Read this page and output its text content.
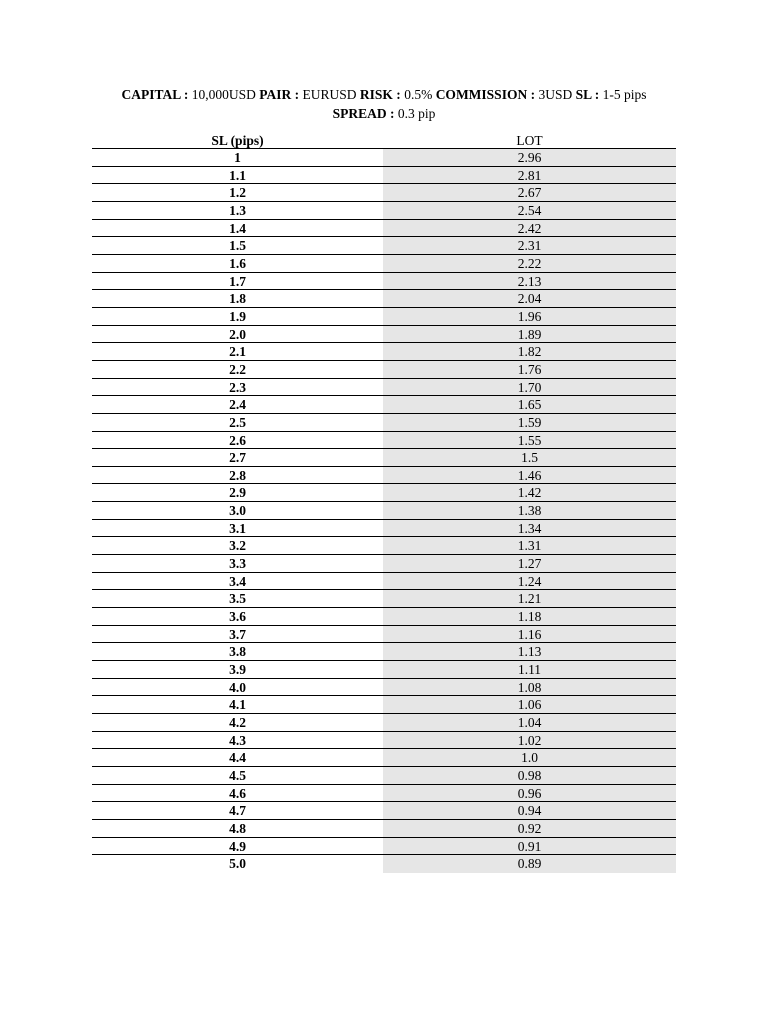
CAPITAL : 10,000USD PAIR : EURUSD RISK : 0.5% COMMISSION : 3USD SL : 1-5 pips
SPREAD : 0.3 pip
SL (pips)	LOT
1	2.96
1.1	2.81
1.2	2.67
1.3	2.54
1.4	2.42
1.5	2.31
1.6	2.22
1.7	2.13
1.8	2.04
1.9	1.96
2.0	1.89
2.1	1.82
2.2	1.76
2.3	1.70
2.4	1.65
2.5	1.59
2.6	1.55
2.7	1.5
2.8	1.46
2.9	1.42
3.0	1.38
3.1	1.34
3.2	1.31
3.3	1.27
3.4	1.24
3.5	1.21
3.6	1.18
3.7	1.16
3.8	1.13
3.9	1.11
4.0	1.08
4.1	1.06
4.2	1.04
4.3	1.02
4.4	1.0
4.5	0.98
4.6	0.96
4.7	0.94
4.8	0.92
4.9	0.91
5.0	0.89
